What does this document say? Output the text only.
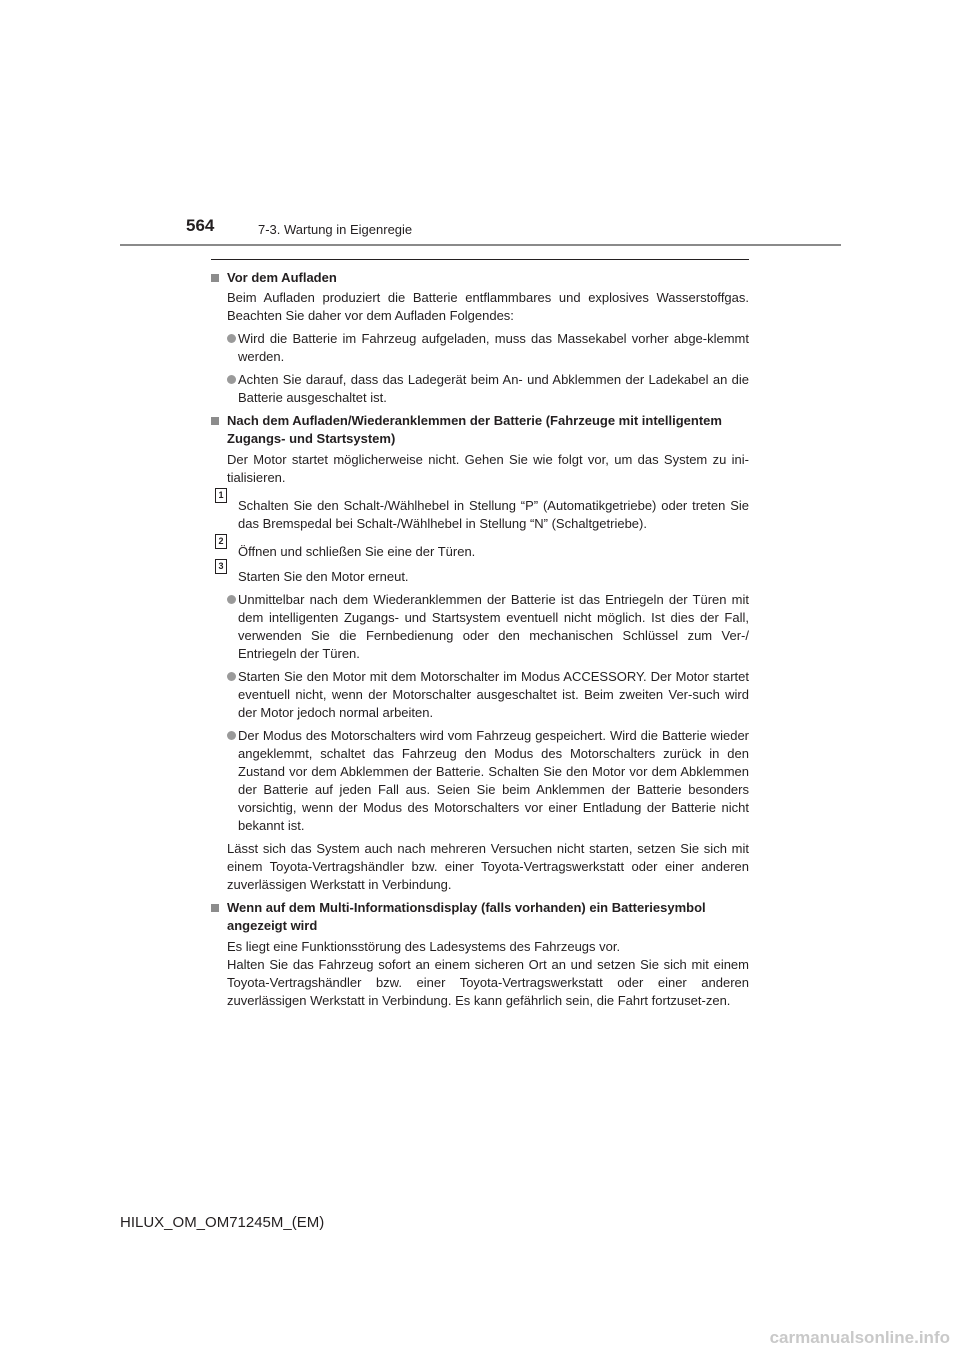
564	7-3. Wartung in Eigenregie
Vor dem Aufladen
Beim Aufladen produziert die Batterie entflammbares und explosives Wasserstoffgas. Beachten Sie daher vor dem Aufladen Folgendes:
Wird die Batterie im Fahrzeug aufgeladen, muss das Massekabel vorher abge-klemmt werden.
Achten Sie darauf, dass das Ladegerät beim An- und Abklemmen der Ladekabel an die Batterie ausgeschaltet ist.
Nach dem Aufladen/Wiederanklemmen der Batterie (Fahrzeuge mit intelligentem Zugangs- und Startsystem)
Der Motor startet möglicherweise nicht. Gehen Sie wie folgt vor, um das System zu ini-tialisieren.
1
Schalten Sie den Schalt-/Wählhebel in Stellung “P” (Automatikgetriebe) oder treten Sie das Bremspedal bei Schalt-/Wählhebel in Stellung “N” (Schaltgetriebe).
2
Öffnen und schließen Sie eine der Türen.
3
Starten Sie den Motor erneut.
Unmittelbar nach dem Wiederanklemmen der Batterie ist das Entriegeln der Türen mit dem intelligenten Zugangs- und Startsystem eventuell nicht möglich. Ist dies der Fall, verwenden Sie die Fernbedienung oder den mechanischen Schlüssel zum Ver-/ Entriegeln der Türen.
Starten Sie den Motor mit dem Motorschalter im Modus ACCESSORY. Der Motor startet eventuell nicht, wenn der Motorschalter ausgeschaltet ist. Beim zweiten Ver-such wird der Motor jedoch normal arbeiten.
Der Modus des Motorschalters wird vom Fahrzeug gespeichert. Wird die Batterie wieder angeklemmt, schaltet das Fahrzeug den Modus des Motorschalters zurück in den Zustand vor dem Abklemmen der Batterie. Schalten Sie den Motor vor dem Abklemmen der Batterie auf jeden Fall aus. Seien Sie beim Anklemmen der Batterie besonders vorsichtig, wenn der Modus des Motorschalters vor einer Entladung der Batterie nicht bekannt ist.
Lässt sich das System auch nach mehreren Versuchen nicht starten, setzen Sie sich mit einem Toyota-Vertragshändler bzw. einer Toyota-Vertragswerkstatt oder einer anderen zuverlässigen Werkstatt in Verbindung.
Wenn auf dem Multi-Informationsdisplay (falls vorhanden) ein Batteriesymbol angezeigt wird
Es liegt eine Funktionsstörung des Ladesystems des Fahrzeugs vor.
Halten Sie das Fahrzeug sofort an einem sicheren Ort an und setzen Sie sich mit einem Toyota-Vertragshändler bzw. einer Toyota-Vertragswerkstatt oder einer anderen zuverlässigen Werkstatt in Verbindung. Es kann gefährlich sein, die Fahrt fortzuset-zen.
HILUX_OM_OM71245M_(EM)
carmanualsonline.info
